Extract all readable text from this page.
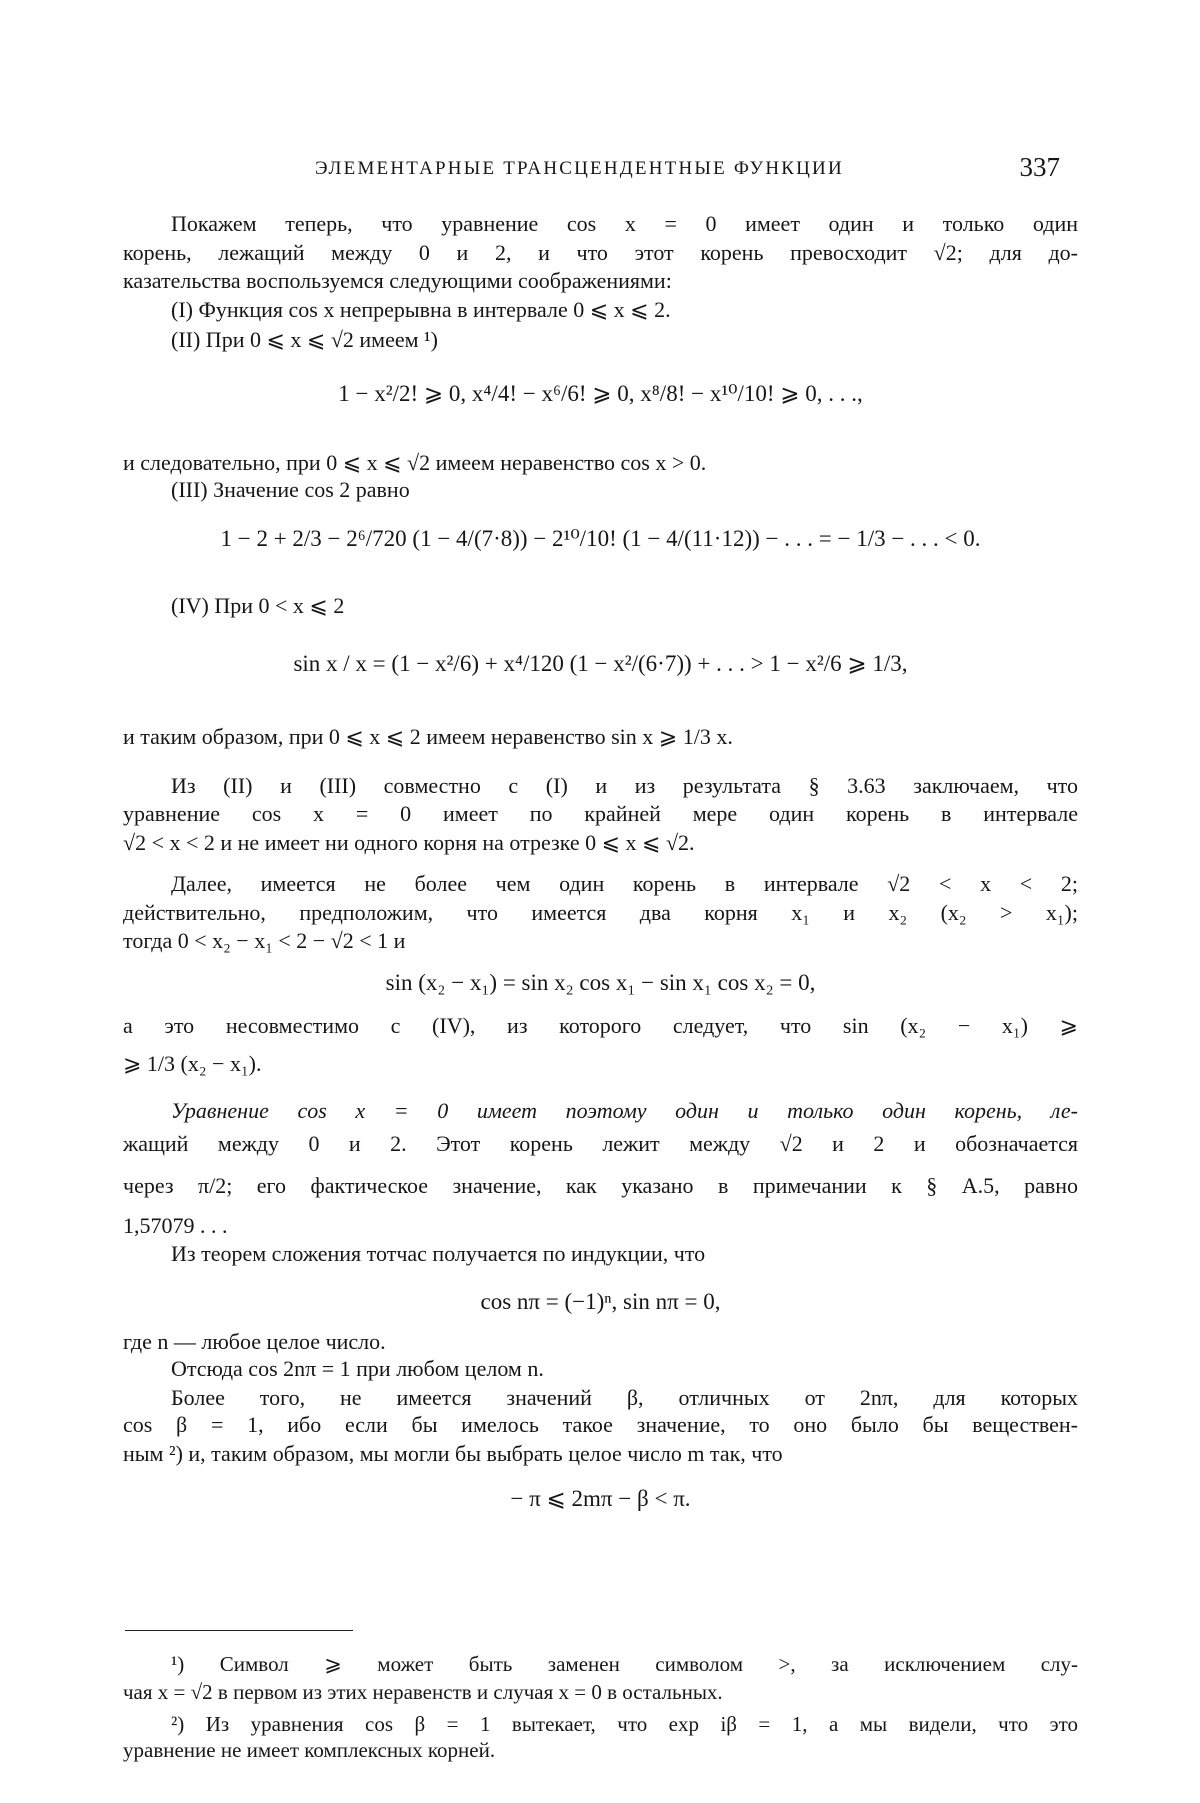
ЭЛЕМЕНТАРНЫЕ ТРАНСЦЕНДЕНТНЫЕ ФУНКЦИИ	337
Покажем теперь, что уравнение cos x = 0 имеет один и только один
корень, лежащий между 0 и 2, и что этот корень превосходит √2; для до-
казательства воспользуемся следующими соображениями:
(I) Функция cos x непрерывна в интервале 0 ⩽ x ⩽ 2.
(II) При 0 ⩽ x ⩽ √2 имеем ¹)
1 − x²/2! ⩾ 0, x⁴/4! − x⁶/6! ⩾ 0, x⁸/8! − x¹⁰/10! ⩾ 0, . . .,
и следовательно, при 0 ⩽ x ⩽ √2 имеем неравенство cos x > 0.
(III) Значение cos 2 равно
1 − 2 + 2/3 − 2⁶/720 (1 − 4/(7·8)) − 2¹⁰/10! (1 − 4/(11·12)) − . . . = − 1/3 − . . . < 0.
(IV) При 0 < x ⩽ 2
sin x / x = (1 − x²/6) + x⁴/120 (1 − x²/(6·7)) + . . . > 1 − x²/6 ⩾ 1/3,
и таким образом, при 0 ⩽ x ⩽ 2 имеем неравенство sin x ⩾ 1/3 x.
Из (II) и (III) совместно с (I) и из результата § 3.63 заключаем, что
уравнение cos x = 0 имеет по крайней мере один корень в интервале
√2 < x < 2 и не имеет ни одного корня на отрезке 0 ⩽ x ⩽ √2.
Далее, имеется не более чем один корень в интервале √2 < x < 2;
действительно, предположим, что имеется два корня x₁ и x₂ (x₂ > x₁);
тогда 0 < x₂ − x₁ < 2 − √2 < 1 и
sin (x₂ − x₁) = sin x₂ cos x₁ − sin x₁ cos x₂ = 0,
а это несовместимо с (IV), из которого следует, что sin (x₂ − x₁) ⩾
⩾ 1/3 (x₂ − x₁).
Уравнение cos x = 0 имеет поэтому один и только один корень, ле-
жащий между 0 и 2. Этот корень лежит между √2 и 2 и обозначается
через π/2; его фактическое значение, как указано в примечании к § A.5, равно
1,57079 . . .
Из теорем сложения тотчас получается по индукции, что
cos nπ = (−1)ⁿ, sin nπ = 0,
где n — любое целое число.
Отсюда cos 2nπ = 1 при любом целом n.
Более того, не имеется значений β, отличных от 2nπ, для которых
cos β = 1, ибо если бы имелось такое значение, то оно было бы веществен-
ным ²) и, таким образом, мы могли бы выбрать целое число m так, что
− π ⩽ 2mπ − β < π.
¹) Символ ⩾ может быть заменен символом >, за исключением слу-
чая x = √2 в первом из этих неравенств и случая x = 0 в остальных.
²) Из уравнения cos β = 1 вытекает, что exp iβ = 1, а мы видели, что это
уравнение не имеет комплексных корней.
